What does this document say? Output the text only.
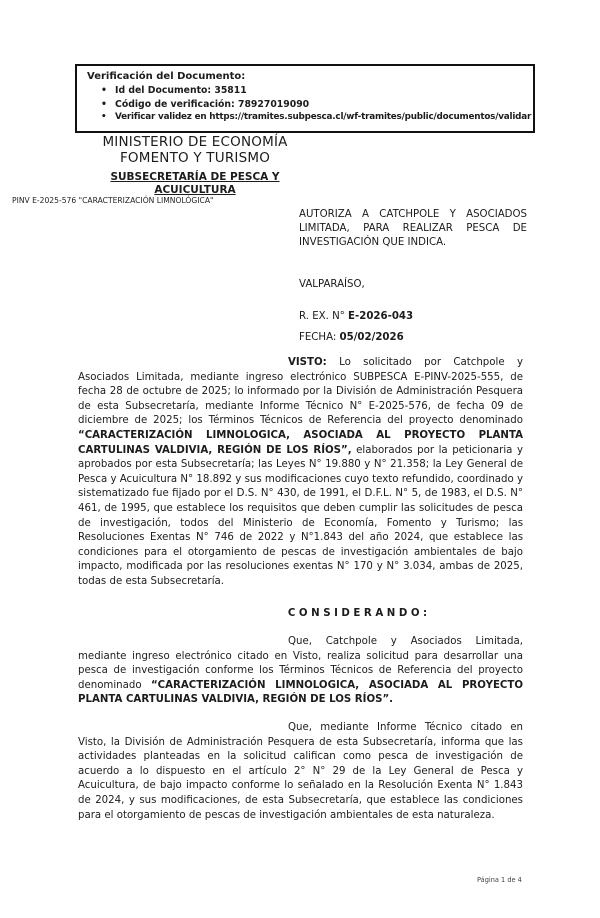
Verificación del Documento:
• Id del Documento: 35811
• Código de verificación: 78927019090
• Verificar validez en https://tramites.subpesca.cl/wf-tramites/public/documentos/validar
MINISTERIO DE ECONOMÍA
FOMENTO Y TURISMO
SUBSECRETARÍA DE PESCA Y
ACUICULTURA
PINV E-2025-576 "CARACTERIZACIÓN LIMNOLÓGICA"
AUTORIZA A CATCHPOLE Y ASOCIADOS LIMITADA, PARA REALIZAR PESCA DE INVESTIGACIÓN QUE INDICA.
VALPARAÍSO,
R. EX. N° E-2026-043
FECHA: 05/02/2026

VISTO: Lo solicitado por Catchpole y Asociados Limitada, mediante ingreso electrónico SUBPESCA E-PINV-2025-555, de fecha 28 de octubre de 2025; lo informado por la División de Administración Pesquera de esta Subsecretaría, mediante Informe Técnico N° E-2025-576, de fecha 09 de diciembre de 2025; los Términos Técnicos de Referencia del proyecto denominado “CARACTERIZACIÓN LIMNOLOGICA, ASOCIADA AL PROYECTO PLANTA CARTULINAS VALDIVIA, REGIÓN DE LOS RÍOS”, elaborados por la peticionaria y aprobados por esta Subsecretaría; las Leyes N° 19.880 y N° 21.358; la Ley General de Pesca y Acuicultura N° 18.892 y sus modificaciones cuyo texto refundido, coordinado y sistematizado fue fijado por el D.S. N° 430, de 1991, el D.F.L. N° 5, de 1983, el D.S. N° 461, de 1995, que establece los requisitos que deben cumplir las solicitudes de pesca de investigación, todos del Ministerio de Economía, Fomento y Turismo; las Resoluciones Exentas N° 746 de 2022 y N°1.843 del año 2024, que establece las condiciones para el otorgamiento de pescas de investigación ambientales de bajo impacto, modificada por las resoluciones exentas N° 170 y N° 3.034, ambas de 2025, todas de esta Subsecretaría.

C O N S I D E R A N D O :

Que, Catchpole y Asociados Limitada, mediante ingreso electrónico citado en Visto, realiza solicitud para desarrollar una pesca de investigación conforme los Términos Técnicos de Referencia del proyecto denominado “CARACTERIZACIÓN LIMNOLOGICA, ASOCIADA AL PROYECTO PLANTA CARTULINAS VALDIVIA, REGIÓN DE LOS RÍOS”.

Que, mediante Informe Técnico citado en Visto, la División de Administración Pesquera de esta Subsecretaría, informa que las actividades planteadas en la solicitud califican como pesca de investigación de acuerdo a lo dispuesto en el artículo 2° N° 29 de la Ley General de Pesca y Acuicultura, de bajo impacto conforme lo señalado en la Resolución Exenta N° 1.843 de 2024, y sus modificaciones, de esta Subsecretaría, que establece las condiciones para el otorgamiento de pescas de investigación ambientales de esta naturaleza.

Página 1 de 4
